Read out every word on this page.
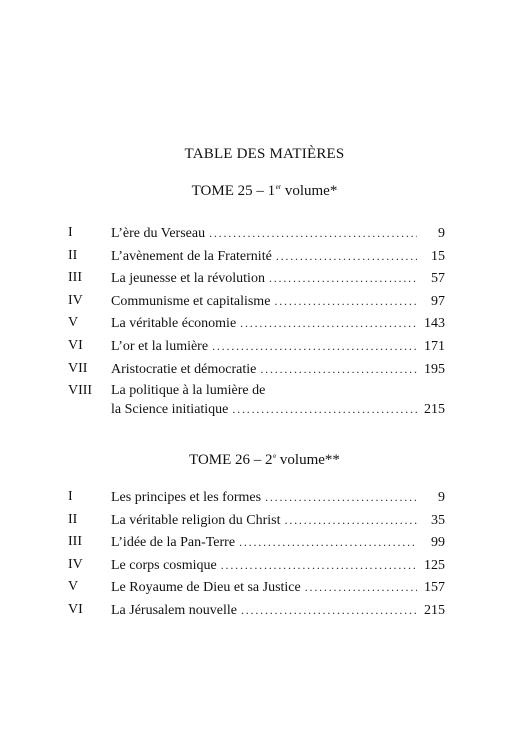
TABLE DES MATIÈRES
TOME 25 – 1er volume*
I	L’ère du Verseau . . .	9
II L’avènement de la Fraternité . . .	15
III La jeunesse et la révolution . . .	57
IV Communisme et capitalisme . . .	97
V La véritable économie . . .	143
VI L’or et la lumière . . .	171
VII Aristocratie et démocratie . . .	195
VIII La politique à la lumière de
la Science initiatique . . .	215
TOME 26 – 2e volume**
I	Les principes et les formes . . .	9
II La véritable religion du Christ . . .	35
III L’idée de la Pan-Terre . . .	99
IV Le corps cosmique . . .	125
V Le Royaume de Dieu et sa Justice . . .	157
VI La Jérusalem nouvelle . . .	215
